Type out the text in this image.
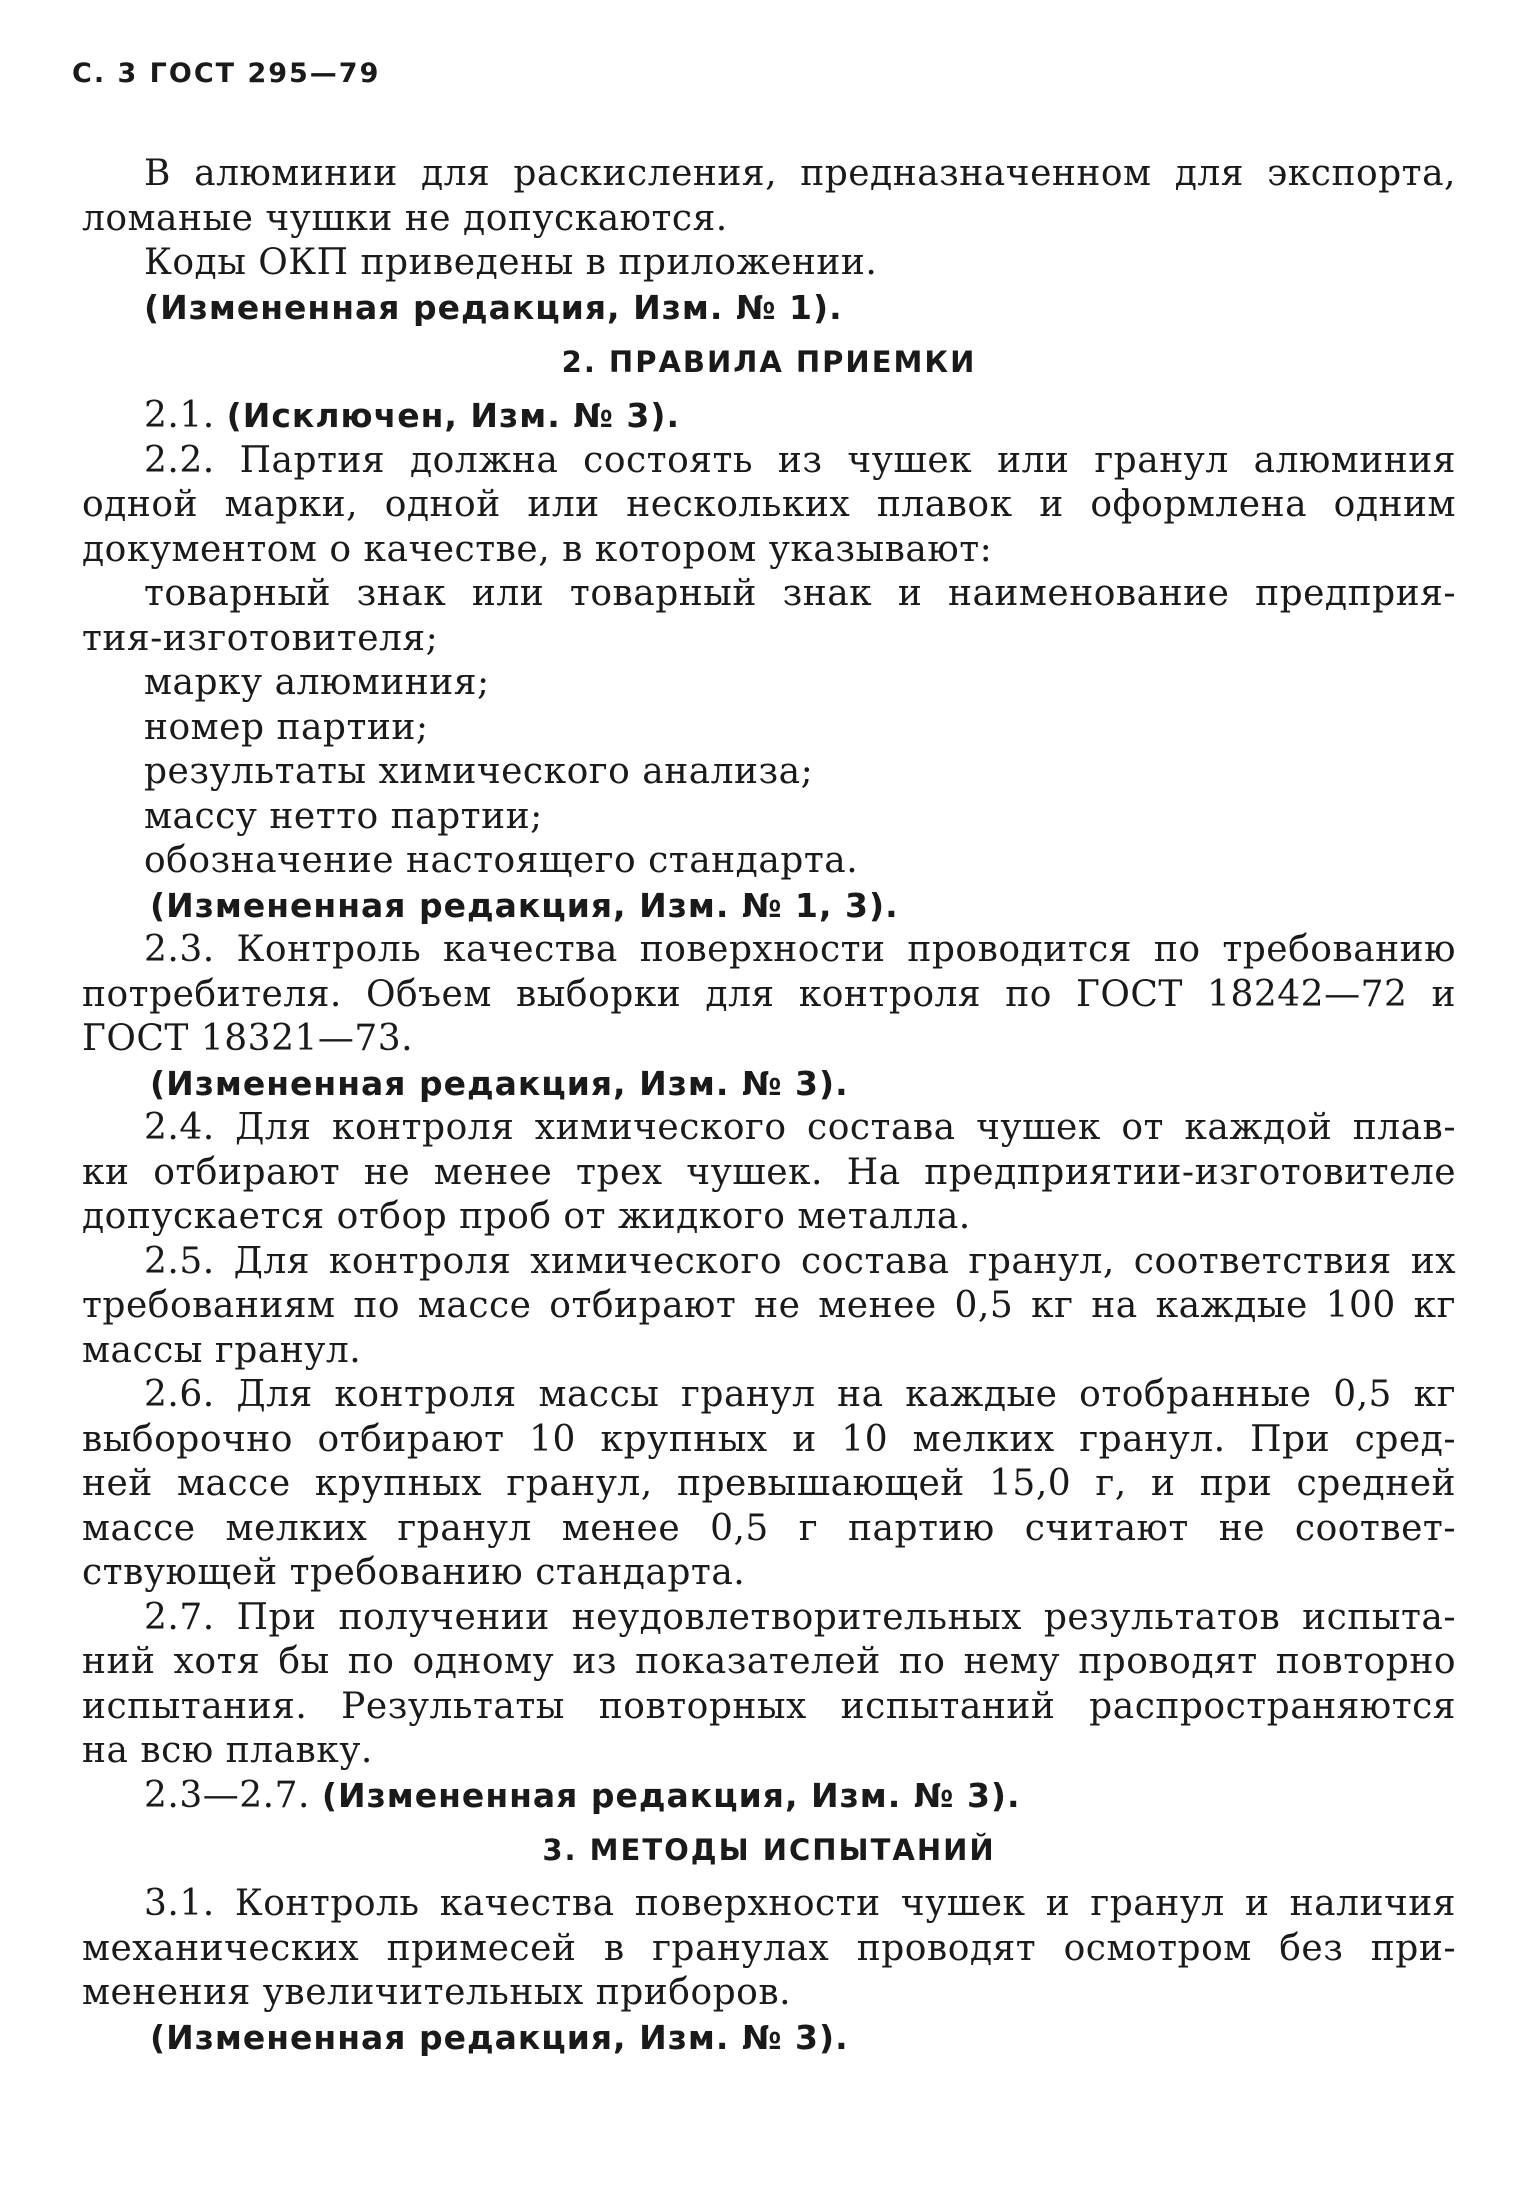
С. 3 ГОСТ 295—79
В алюминии для раскисления, предназначенном для экспорта,
ломаные чушки не допускаются.
Коды ОКП приведены в приложении.
(Измененная редакция, Изм. № 1).
2. ПРАВИЛА ПРИЕМКИ
2.1. (Исключен, Изм. № 3).
2.2. Партия должна состоять из чушек или гранул алюминия
одной марки, одной или нескольких плавок и оформлена одним
документом о качестве, в котором указывают:
товарный знак или товарный знак и наименование предприя-
тия-изготовителя;
марку алюминия;
номер партии;
результаты химического анализа;
массу нетто партии;
обозначение настоящего стандарта.
(Измененная редакция, Изм. № 1, 3).
2.3. Контроль качества поверхности проводится по требованию
потребителя. Объем выборки для контроля по ГОСТ 18242—72 и
ГОСТ 18321—73.
(Измененная редакция, Изм. № 3).
2.4. Для контроля химического состава чушек от каждой плав-
ки отбирают не менее трех чушек. На предприятии-изготовителе
допускается отбор проб от жидкого металла.
2.5. Для контроля химического состава гранул, соответствия их
требованиям по массе отбирают не менее 0,5 кг на каждые 100 кг
массы гранул.
2.6. Для контроля массы гранул на каждые отобранные 0,5 кг
выборочно отбирают 10 крупных и 10 мелких гранул. При сред-
ней массе крупных гранул, превышающей 15,0 г, и при средней
массе мелких гранул менее 0,5 г партию считают не соответ-
ствующей требованию стандарта.
2.7. При получении неудовлетворительных результатов испыта-
ний хотя бы по одному из показателей по нему проводят повторно
испытания. Результаты повторных испытаний распространяются
на всю плавку.
2.3—2.7. (Измененная редакция, Изм. № 3).
3. МЕТОДЫ ИСПЫТАНИЙ
3.1. Контроль качества поверхности чушек и гранул и наличия
механических примесей в гранулах проводят осмотром без при-
менения увеличительных приборов.
(Измененная редакция, Изм. № 3).
